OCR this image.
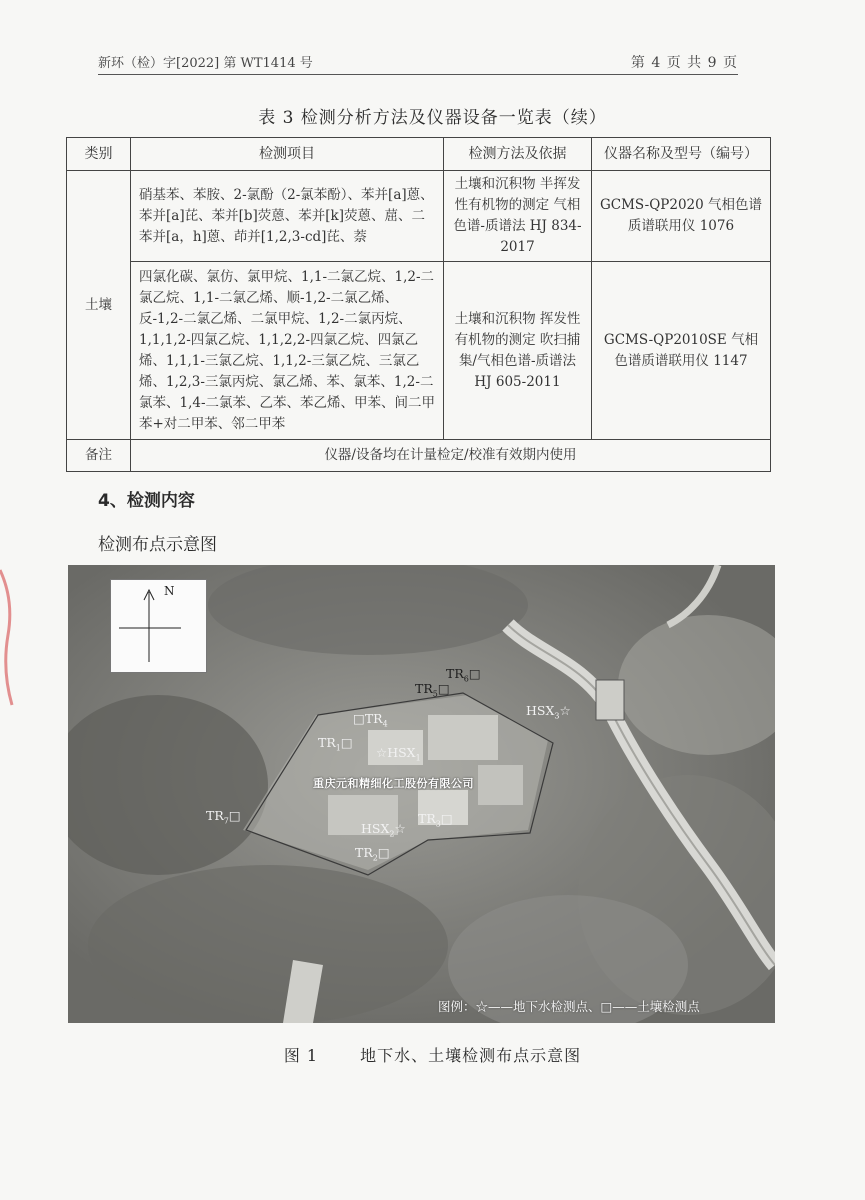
新环（检）字[2022] 第 WT1414 号	第 4 页 共 9 页
表 3 检测分析方法及仪器设备一览表（续）
类别	检测项目	检测方法及依据	仪器名称及型号（编号）
土壤	硝基苯、苯胺、2-氯酚（2-氯苯酚）、苯并[a]蒽、苯并[a]芘、苯并[b]荧蒽、苯并[k]荧蒽、䓛、二苯并[a，h]蒽、茚并[1,2,3-cd]芘、萘	土壤和沉积物 半挥发性有机物的测定 气相色谱-质谱法 HJ 834-2017	GCMS-QP2020 气相色谱质谱联用仪 1076
	四氯化碳、氯仿、氯甲烷、1,1-二氯乙烷、1,2-二氯乙烷、1,1-二氯乙烯、顺-1,2-二氯乙烯、反-1,2-二氯乙烯、二氯甲烷、1,2-二氯丙烷、1,1,1,2-四氯乙烷、1,1,2,2-四氯乙烷、四氯乙烯、1,1,1-三氯乙烷、1,1,2-三氯乙烷、三氯乙烯、1,2,3-三氯丙烷、氯乙烯、苯、氯苯、1,2-二氯苯、1,4-二氯苯、乙苯、苯乙烯、甲苯、间二甲苯+对二甲苯、邻二甲苯	土壤和沉积物 挥发性有机物的测定 吹扫捕集/气相色谱-质谱法 HJ 605-2011	GCMS-QP2010SE 气相色谱质谱联用仪 1147
备注	仪器/设备均在计量检定/校准有效期内使用		
4、检测内容
检测布点示意图
N
$TR_6□$
$TR_5□$
$HSX_3☆$
$□TR_4$
$TR_1□$
$☆HSX_1$
$TR_7□$
$HSX_2☆$
$TR_3□$
$TR_2□$
重庆元和精细化工股份有限公司
图例：☆——地下水检测点、□——土壤检测点
图 1	地下水、土壤检测布点示意图
